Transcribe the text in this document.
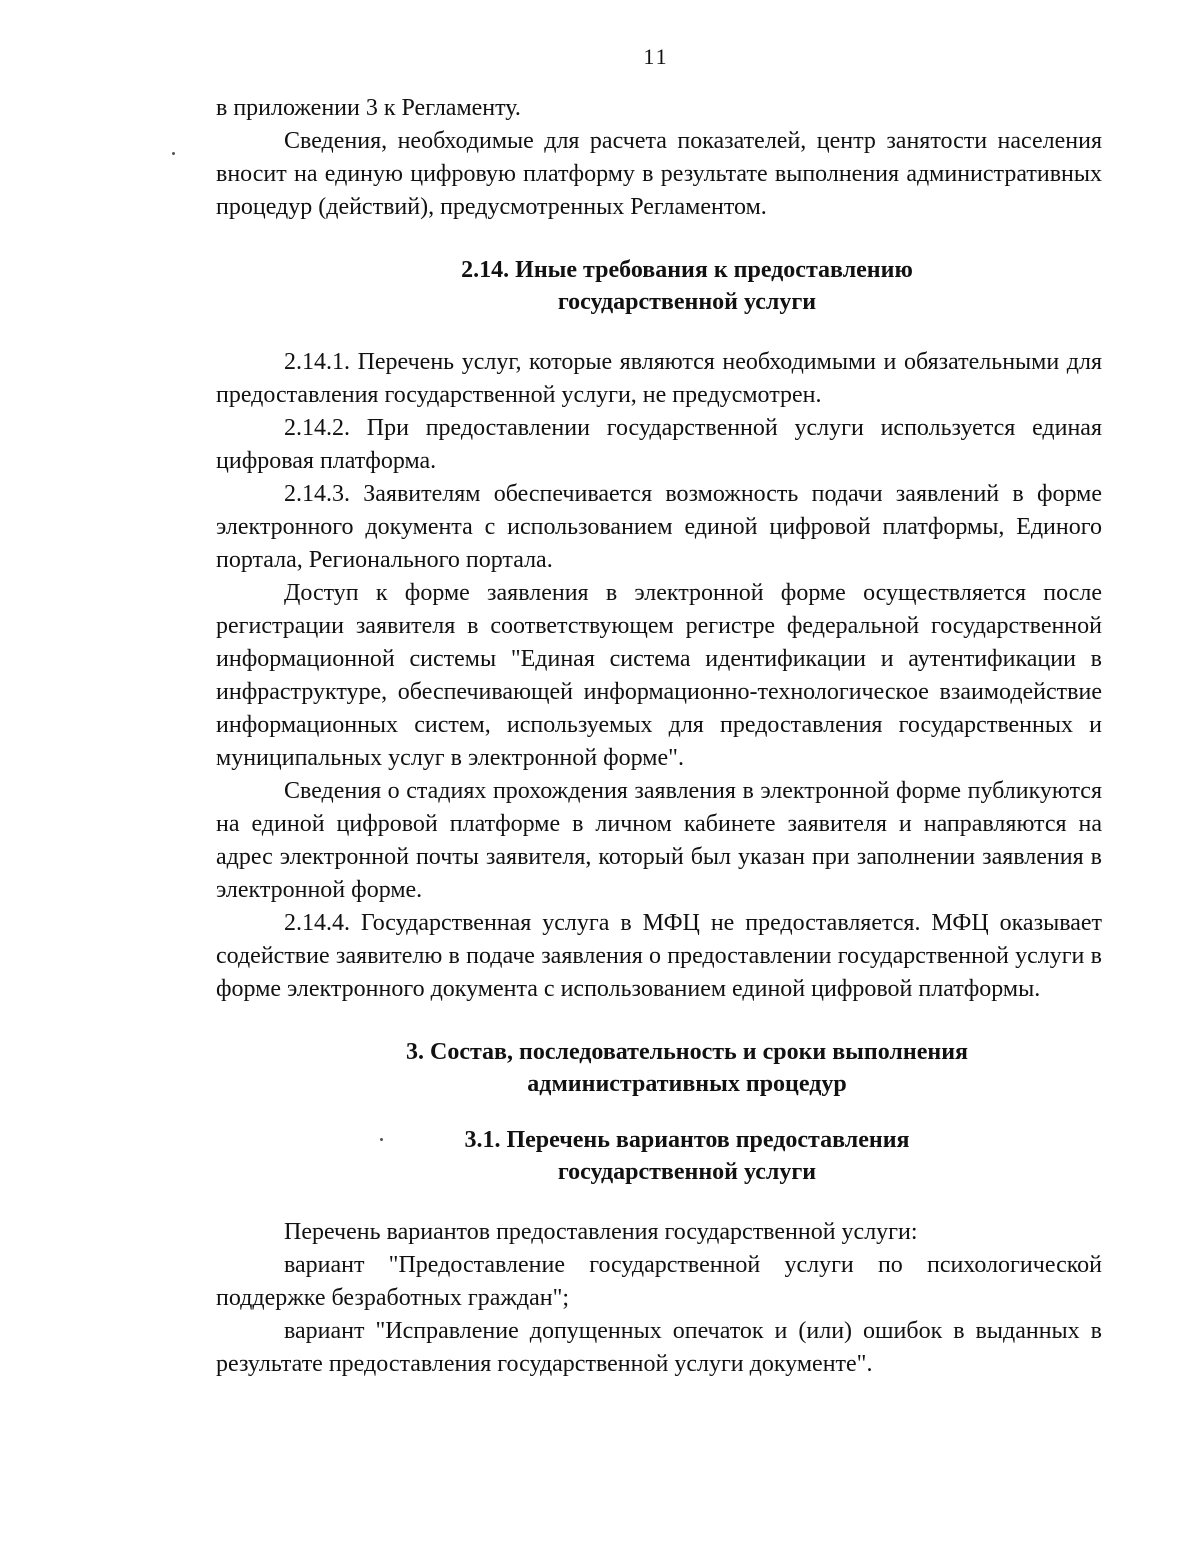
11

в приложении 3 к Регламенту.

Сведения, необходимые для расчета показателей, центр занятости населения вносит на единую цифровую платформу в результате выполнения административных процедур (действий), предусмотренных Регламентом.

2.14. Иные требования к предоставлению
государственной услуги

2.14.1. Перечень услуг, которые являются необходимыми и обязательными для предоставления государственной услуги, не предусмотрен.

2.14.2. При предоставлении государственной услуги используется единая цифровая платформа.

2.14.3. Заявителям обеспечивается возможность подачи заявлений в форме электронного документа с использованием единой цифровой платформы, Единого портала, Регионального портала.

Доступ к форме заявления в электронной форме осуществляется после регистрации заявителя в соответствующем регистре федеральной государственной информационной системы "Единая система идентификации и аутентификации в инфраструктуре, обеспечивающей информационно-технологическое взаимодействие информационных систем, используемых для предоставления государственных и муниципальных услуг в электронной форме".

Сведения о стадиях прохождения заявления в электронной форме публикуются на единой цифровой платформе в личном кабинете заявителя и направляются на адрес электронной почты заявителя, который был указан при заполнении заявления в электронной форме.

2.14.4. Государственная услуга в МФЦ не предоставляется. МФЦ оказывает содействие заявителю в подаче заявления о предоставлении государственной услуги в форме электронного документа с использованием единой цифровой платформы.

3. Состав, последовательность и сроки выполнения
административных процедур

3.1. Перечень вариантов предоставления
государственной услуги

Перечень вариантов предоставления государственной услуги:

вариант "Предоставление государственной услуги по психологической поддержке безработных граждан";

вариант "Исправление допущенных опечаток и (или) ошибок в выданных в результате предоставления государственной услуги документе".
